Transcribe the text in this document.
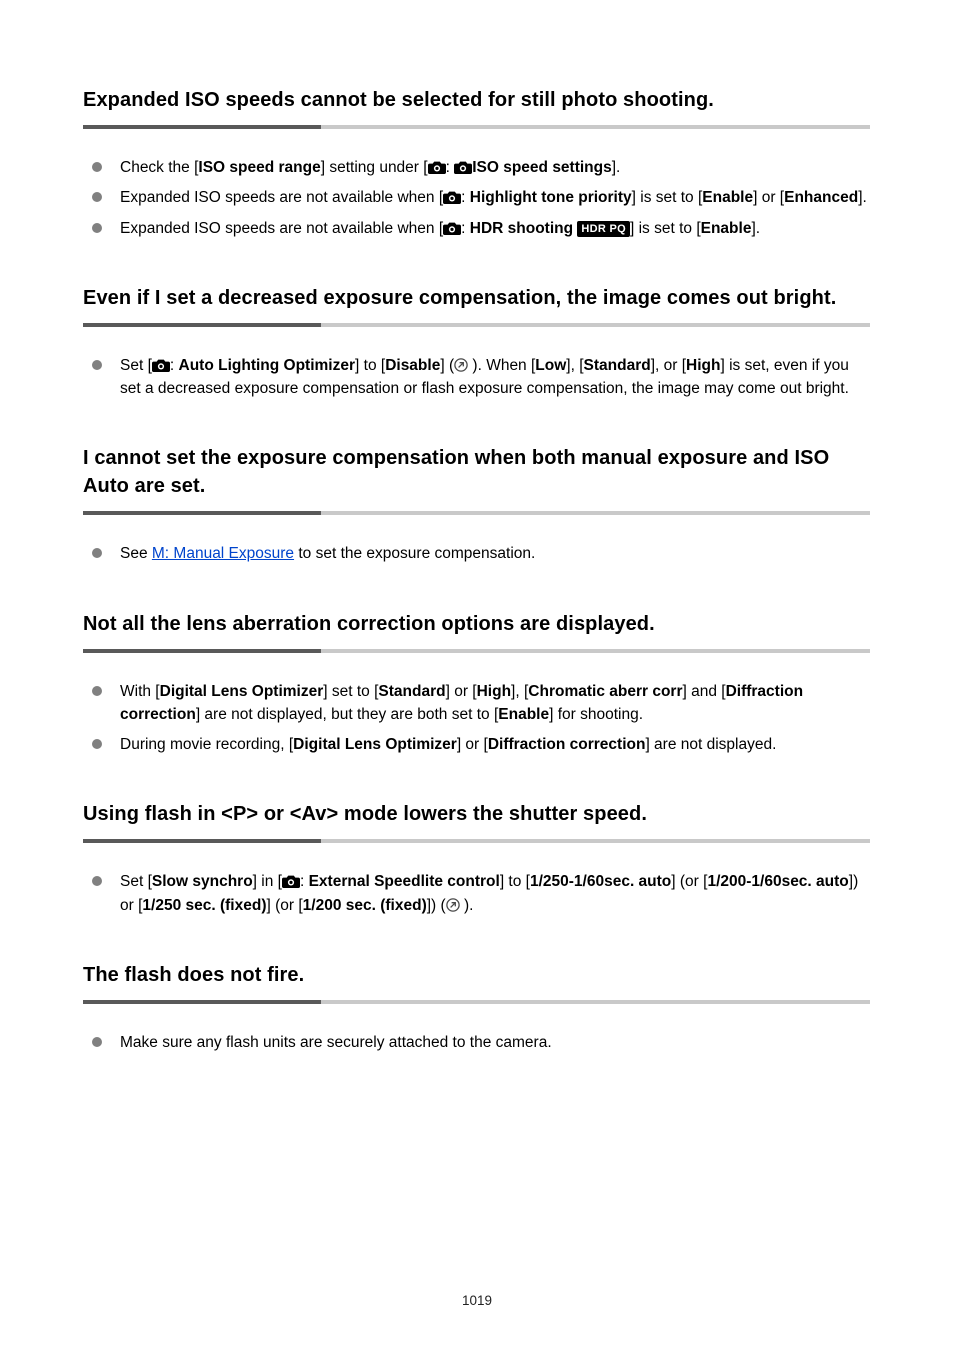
Expanded ISO speeds cannot be selected for still photo shooting.
Check the [ISO speed range] setting under [ : ISO speed settings].
Expanded ISO speeds are not available when [ : Highlight tone priority] is set to [Enable] or [Enhanced].
Expanded ISO speeds are not available when [ : HDR shooting HDR PQ ] is set to [Enable].
Even if I set a decreased exposure compensation, the image comes out bright.
Set [ : Auto Lighting Optimizer] to [Disable] ( ). When [Low], [Standard], or [High] is set, even if you set a decreased exposure compensation or flash exposure compensation, the image may come out bright.
I cannot set the exposure compensation when both manual exposure and ISO Auto are set.
See M: Manual Exposure to set the exposure compensation.
Not all the lens aberration correction options are displayed.
With [Digital Lens Optimizer] set to [Standard] or [High], [Chromatic aberr corr] and [Diffraction correction] are not displayed, but they are both set to [Enable] for shooting.
During movie recording, [Digital Lens Optimizer] or [Diffraction correction] are not displayed.
Using flash in <P> or <Av> mode lowers the shutter speed.
Set [Slow synchro] in [ : External Speedlite control] to [1/250-1/60sec. auto] (or [1/200-1/60sec. auto]) or [1/250 sec. (fixed)] (or [1/200 sec. (fixed)]) ( ).
The flash does not fire.
Make sure any flash units are securely attached to the camera.
1019
